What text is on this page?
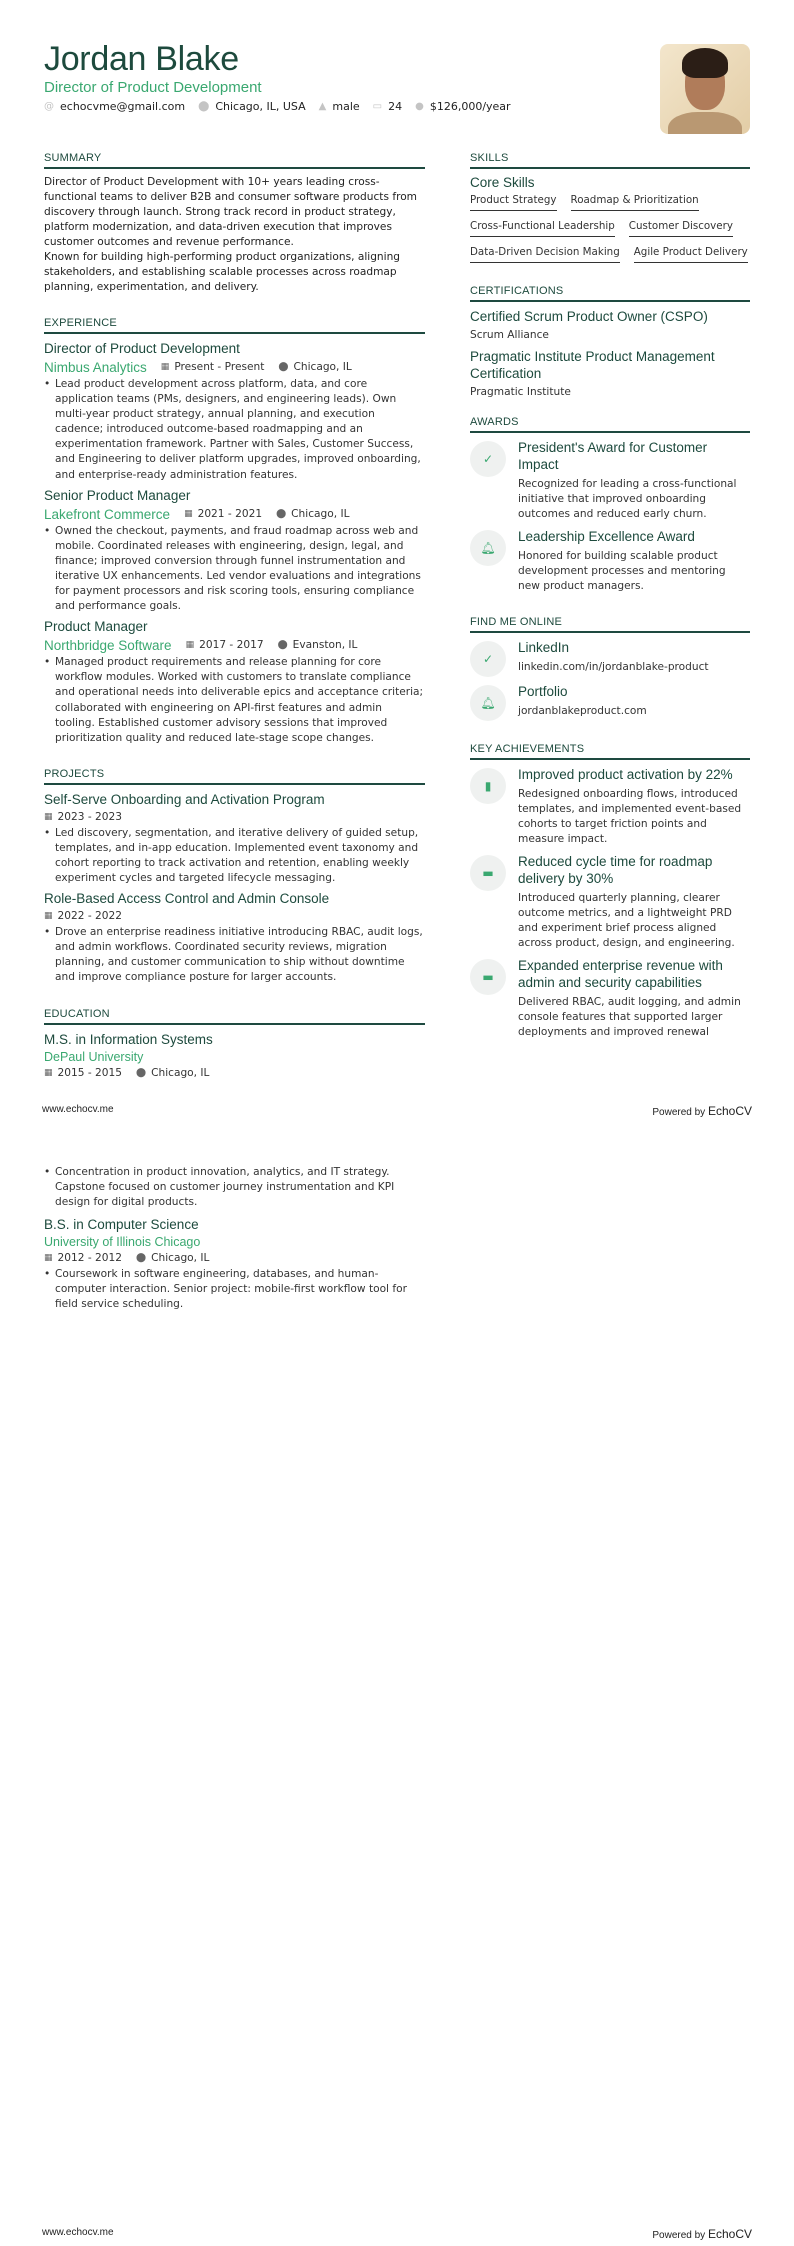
Jordan Blake
Director of Product Development
@ echocvme@gmail.com ⬤ Chicago, IL, USA ▲ male ▭ 24 ● $126,000/year
SUMMARY

Director of Product Development with 10+ years leading cross-functional teams to deliver B2B and consumer software products from discovery through launch. Strong track record in product strategy, platform modernization, and data-driven execution that improves customer outcomes and revenue performance.

Known for building high-performing product organizations, aligning stakeholders, and establishing scalable processes across roadmap planning, experimentation, and delivery.

EXPERIENCE
Director of Product Development
Nimbus Analytics ▦ Present - Present ⬤ Chicago, IL
• Lead product development across platform, data, and core application teams (PMs, designers, and engineering leads). Own multi-year product strategy, annual planning, and execution cadence; introduced outcome-based roadmapping and an experimentation framework. Partner with Sales, Customer Success, and Engineering to deliver platform upgrades, improved onboarding, and enterprise-ready administration features.
Senior Product Manager
Lakefront Commerce ▦ 2021 - 2021 ⬤ Chicago, IL
• Owned the checkout, payments, and fraud roadmap across web and mobile. Coordinated releases with engineering, design, legal, and finance; improved conversion through funnel instrumentation and iterative UX enhancements. Led vendor evaluations and integrations for payment processors and risk scoring tools, ensuring compliance and performance goals.
Product Manager
Northbridge Software ▦ 2017 - 2017 ⬤ Evanston, IL
• Managed product requirements and release planning for core workflow modules. Worked with customers to translate compliance and operational needs into deliverable epics and acceptance criteria; collaborated with engineering on API-first features and admin tooling. Established customer advisory sessions that improved prioritization quality and reduced late-stage scope changes.
PROJECTS
Self-Serve Onboarding and Activation Program
▦ 2023 - 2023
• Led discovery, segmentation, and iterative delivery of guided setup, templates, and in-app education. Implemented event taxonomy and cohort reporting to track activation and retention, enabling weekly experiment cycles and targeted lifecycle messaging.
Role-Based Access Control and Admin Console
▦ 2022 - 2022
• Drove an enterprise readiness initiative introducing RBAC, audit logs, and admin workflows. Coordinated security reviews, migration planning, and customer communication to ship without downtime and improve compliance posture for larger accounts.
EDUCATION
M.S. in Information Systems
DePaul University
▦ 2015 - 2015 ⬤ Chicago, IL
SKILLS
Core Skills
Product Strategy Roadmap & Prioritization
Cross-Functional Leadership Customer Discovery
Data-Driven Decision Making Agile Product Delivery
CERTIFICATIONS
Certified Scrum Product Owner (CSPO)
Scrum Alliance
Pragmatic Institute Product Management Certification
Pragmatic Institute
AWARDS
✓
President's Award for Customer Impact
Recognized for leading a cross-functional initiative that improved onboarding outcomes and reduced early churn.
🔔︎
Leadership Excellence Award
Honored for building scalable product development processes and mentoring new product managers.
FIND ME ONLINE
✓
LinkedIn
linkedin.com/in/jordanblake-product
🔔︎
Portfolio
jordanblakeproduct.com
KEY ACHIEVEMENTS
▮
Improved product activation by 22%
Redesigned onboarding flows, introduced templates, and implemented event-based cohorts to target friction points and measure impact.
▬
Reduced cycle time for roadmap delivery by 30%
Introduced quarterly planning, clearer outcome metrics, and a lightweight PRD and experiment brief process aligned across product, design, and engineering.
▬
Expanded enterprise revenue with admin and security capabilities
Delivered RBAC, audit logging, and admin console features that supported larger deployments and improved renewal
www.echocv.me	Powered by EchoCV
• Concentration in product innovation, analytics, and IT strategy. Capstone focused on customer journey instrumentation and KPI design for digital products.
B.S. in Computer Science
University of Illinois Chicago
▦ 2012 - 2012 ⬤ Chicago, IL
• Coursework in software engineering, databases, and human-computer interaction. Senior project: mobile-first workflow tool for field service scheduling.
www.echocv.me	Powered by EchoCV
